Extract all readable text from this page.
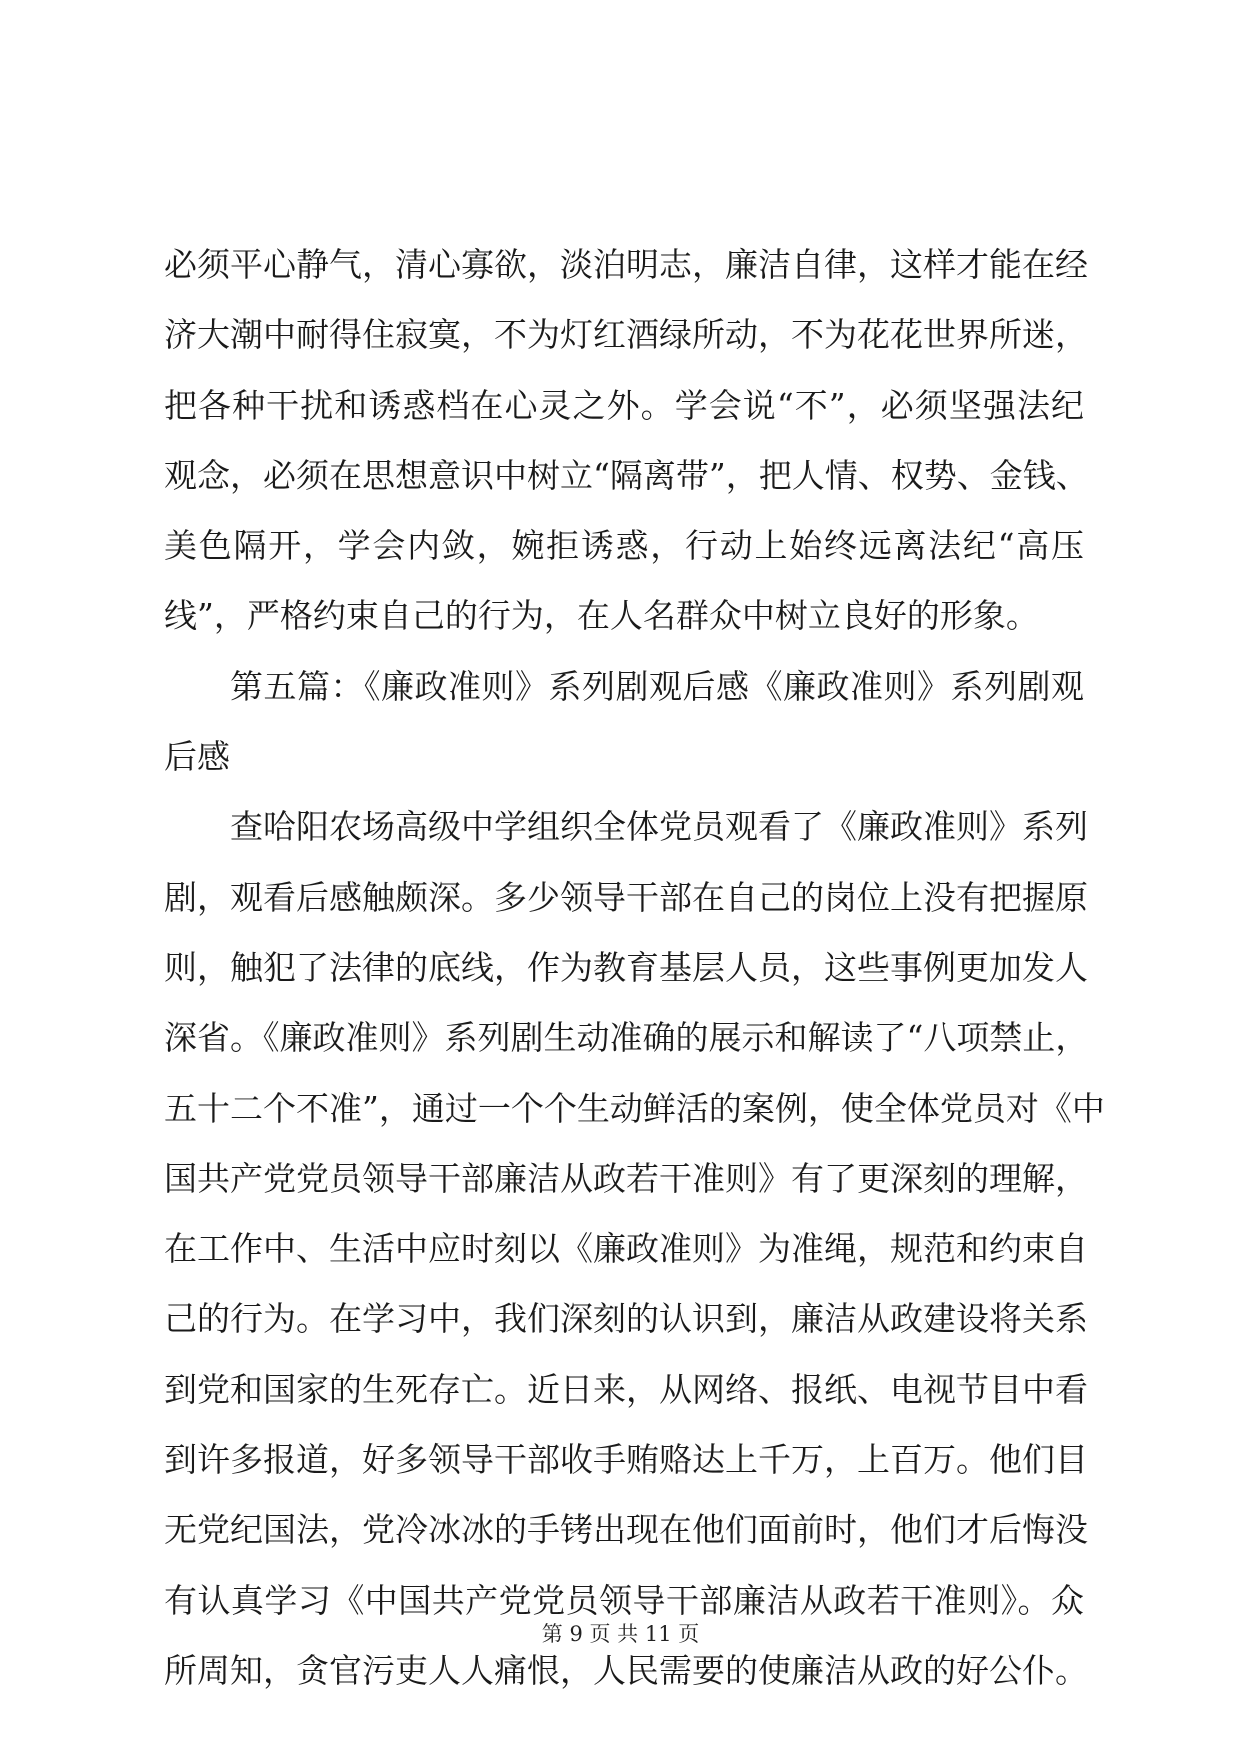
必须平心静气，清心寡欲，淡泊明志，廉洁自律，这样才能在经
济大潮中耐得住寂寞，不为灯红酒绿所动，不为花花世界所迷，
把各种干扰和诱惑档在心灵之外。学会说“不”，必须坚强法纪
观念，必须在思想意识中树立“隔离带”，把人情、权势、金钱、
美色隔开，学会内敛，婉拒诱惑，行动上始终远离法纪“高压
线”，严格约束自己的行为，在人名群众中树立良好的形象。
第五篇：《廉政准则》系列剧观后感《廉政准则》系列剧观
后感
查哈阳农场高级中学组织全体党员观看了《廉政准则》系列
剧，观看后感触颇深。多少领导干部在自己的岗位上没有把握原
则，触犯了法律的底线，作为教育基层人员，这些事例更加发人
深省。《廉政准则》系列剧生动准确的展示和解读了“八项禁止，
五十二个不准”，通过一个个生动鲜活的案例，使全体党员对《中
国共产党党员领导干部廉洁从政若干准则》有了更深刻的理解，
在工作中、生活中应时刻以《廉政准则》为准绳，规范和约束自
己的行为。在学习中，我们深刻的认识到，廉洁从政建设将关系
到党和国家的生死存亡。近日来，从网络、报纸、电视节目中看
到许多报道，好多领导干部收手贿赂达上千万，上百万。他们目
无党纪国法，党冷冰冰的手铐出现在他们面前时，他们才后悔没
有认真学习《中国共产党党员领导干部廉洁从政若干准则》。众
所周知，贪官污吏人人痛恨，人民需要的使廉洁从政的好公仆。
第 9 页 共 11 页
